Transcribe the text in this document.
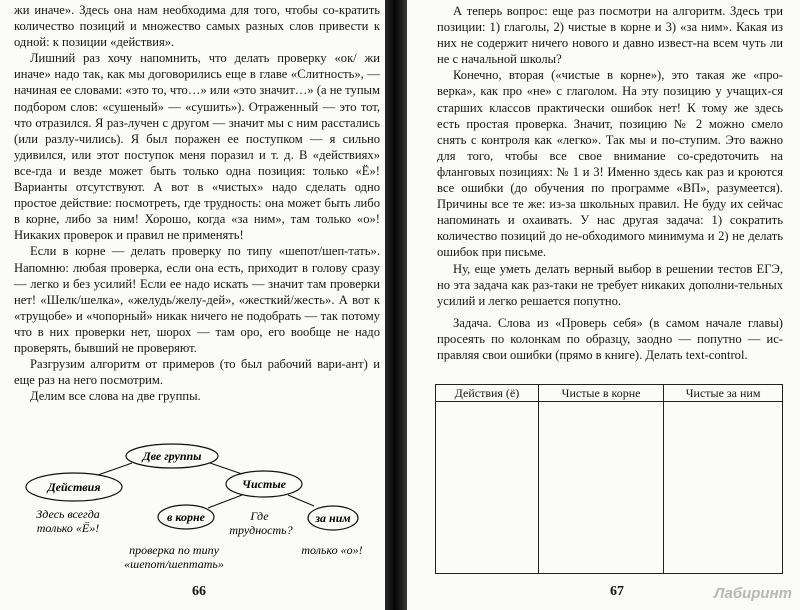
жи иначе». Здесь она нам необходима для того, чтобы со-кратить количество позиций и множество самых разных слов привести к одной: к позиции «действия».

Лишний раз хочу напомнить, что делать проверку «ок/ жи иначе» надо так, как мы договорились еще в главе «Слитность», — начиная ее словами: «это то, что…» или «это значит…» (а не тупым подбором слов: «сушеный» — «сушить»). Отраженный — это тот, что отразился. Я раз-лучен с другом — значит мы с ним расстались (или разлу-чились). Я был поражен ее поступком — я сильно удивился, или этот поступок меня поразил и т. д. В «действиях» все-гда и везде может быть только одна позиция: только «Ё»! Варианты отсутствуют. А вот в «чистых» надо сделать одно простое действие: посмотреть, где трудность: она может быть либо в корне, либо за ним! Хорошо, когда «за ним», там только «о»! Никаких проверок и правил не применять!

Если в корне — делать проверку по типу «шепот/шеп-тать». Напомню: любая проверка, если она есть, приходит в голову сразу — легко и без усилий! Если ее надо искать — значит там проверки нет! «Шелк/шелка», «желудь/желу-дей», «жесткий/жесть». А вот к «трущобе» и «чопорный» никак ничего не подобрать — так потому что в них проверки нет, шорох — там оро, его вообще не надо проверять, бывший не проверяют.

Разгрузим алгоритм от примеров (то был рабочий вари-ант) и еще раз на него посмотрим.

Делим все слова на две группы.

Две группы
Действия	Чистые
в корне	Где трудность?
за ним
Здесь всегда
только «Ё»!
проверка по типу
«шепот/шептать»
только «о»!
66

А теперь вопрос: еще раз посмотри на алгоритм. Здесь три позиции: 1) глаголы, 2) чистые в корне и 3) «за ним». Какая из них не содержит ничего нового и давно извест-на всем чуть ли не с начальной школы?

Конечно, вторая («чистые в корне»), это такая же «про-верка», как про «не» с глаголом. На эту позицию у учащих-ся старших классов практически ошибок нет! К тому же здесь есть простая проверка. Значит, позицию № 2 можно смело снять с контроля как «легко». Так мы и по-ступим. Это важно для того, чтобы все свое внимание со-средоточить на фланговых позициях: № 1 и 3! Именно здесь как раз и кроются все ошибки (до обучения по программе «ВП», разумеется). Причины все те же: из-за школьных правил. Не буду их сейчас напоминать и охаивать. У нас другая задача: 1) сократить количество позиций до не-обходимого минимума и 2) не делать ошибок при письме.

Ну, еще уметь делать верный выбор в решении тестов ЕГЭ, но эта задача как раз-таки не требует никаких дополни-тельных усилий и легко решается попутно.

Задача. Слова из «Проверь себя» (в самом начале главы) просеять по колонкам по образцу, заодно — попутно — ис-правляя свои ошибки (прямо в книге). Делать text-control.

Действия (ё)	Чистые в корне	Чистые за ним

67	Лабиринт
